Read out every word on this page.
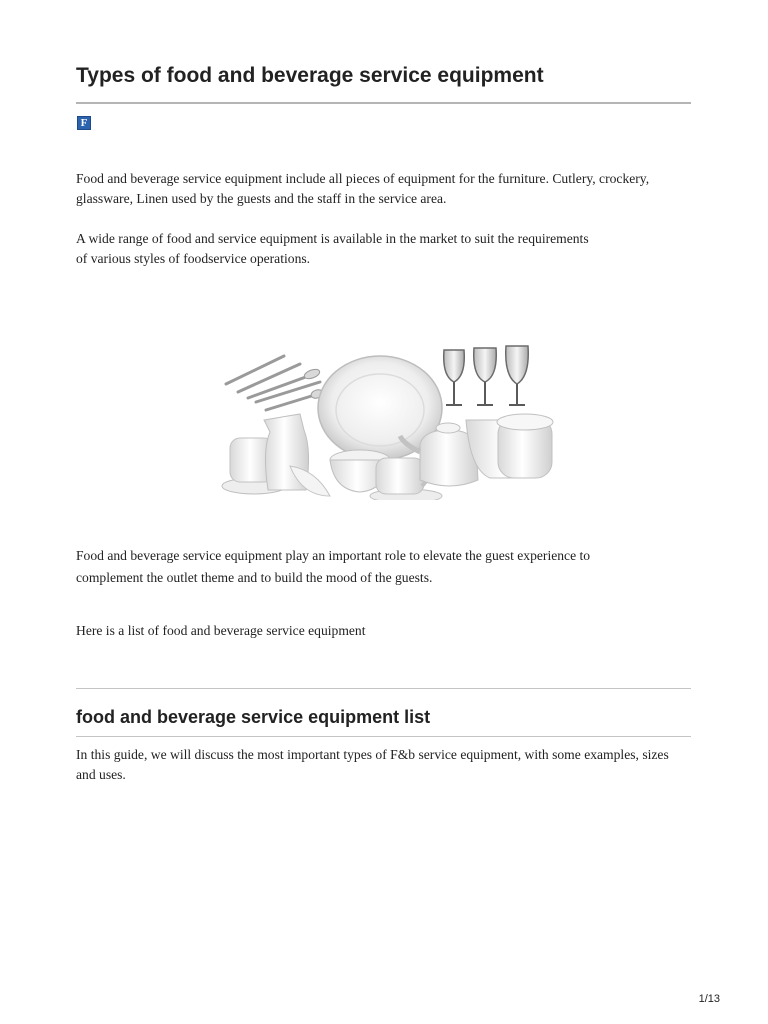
Types of food and beverage service equipment
F

Food and beverage service equipment include all pieces of equipment for the furniture. Cutlery, crockery, glassware, Linen used by the guests and the staff in the service area.

A wide range of food and service equipment is available in the market to suit the requirements of various styles of foodservice operations.

Food and beverage service equipment play an important role to elevate the guest experience to complement the outlet theme and to build the mood of the guests.

Here is a list of food and beverage service equipment

food and beverage service equipment list

In this guide, we will discuss the most important types of F&b service equipment, with some examples, sizes and uses.

1/13
